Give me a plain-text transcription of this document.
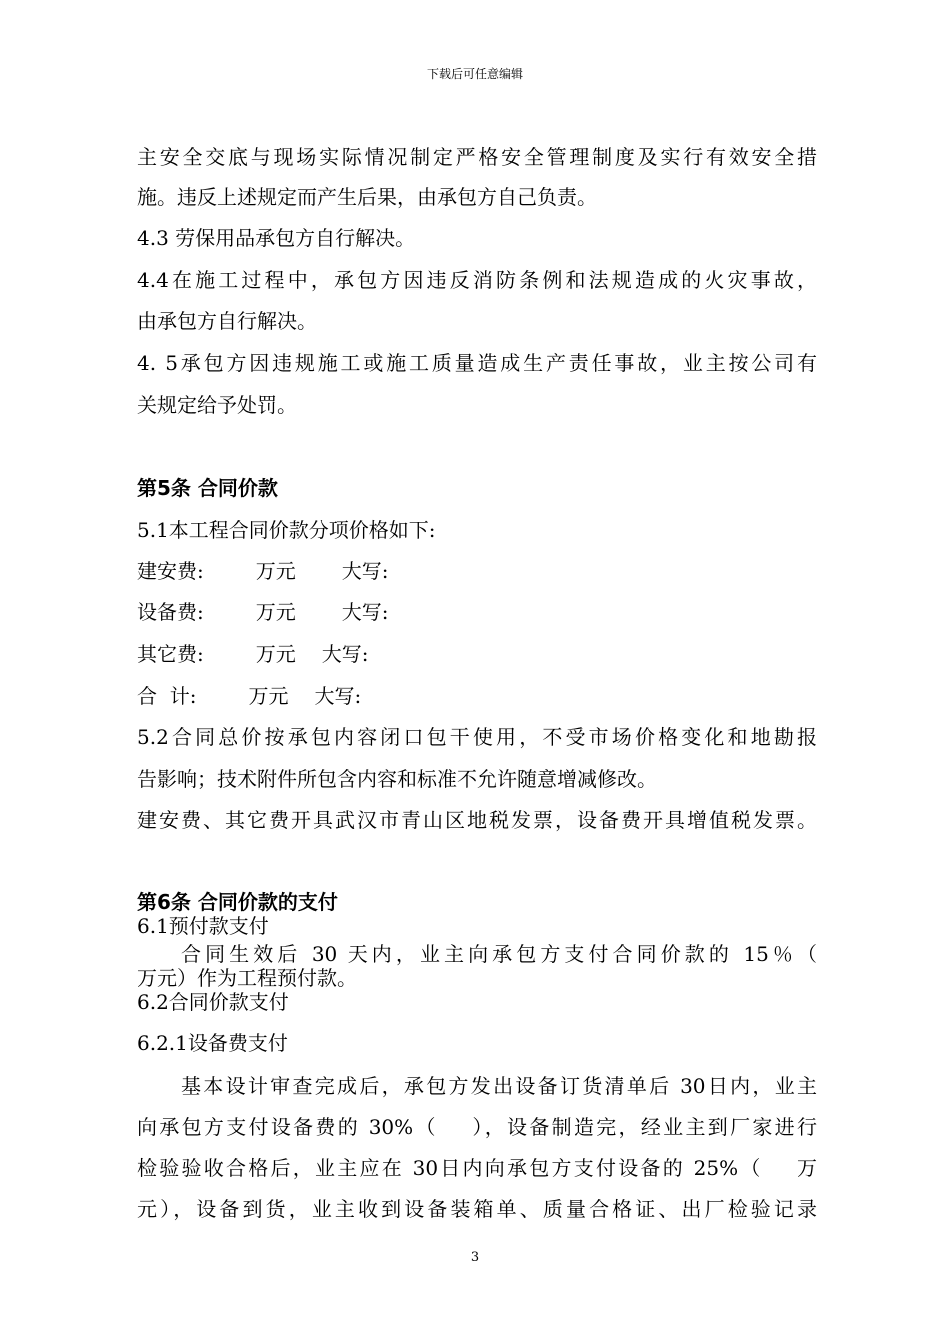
下载后可任意编辑
主安全交底与现场实际情况制定严格安全管理制度及实行有效安全措
施。违反上述规定而产生后果，由承包方自己负责。
4.3 劳保用品承包方自行解决。
4.4在施工过程中，承包方因违反消防条例和法规造成的火灾事故，
由承包方自行解决。
4. 5承包方因违规施工或施工质量造成生产责任事故，业主按公司有
关规定给予处罚。
第5条 合同价款
5.1本工程合同价款分项价格如下:
建安费:	万元 大写:
设备费:	万元 大写:
其它费:	万元 大写:
合  计:	万元 大写:
5.2合同总价按承包内容闭口包干使用，不受市场价格变化和地勘报
告影响；技术附件所包含内容和标准不允许随意增减修改。
建安费、其它费开具武汉市青山区地税发票，设备费开具增值税发票。
第6条 合同价款的支付
6.1预付款支付
合同生效后 30 天内，业主向承包方支付合同价款的 15％（
万元）作为工程预付款。
6.2合同价款支付
6.2.1设备费支付
基本设计审查完成后，承包方发出设备订货清单后 30日内，业主
向承包方支付设备费的 30%（    ），设备制造完，经业主到厂家进行
检验验收合格后，业主应在 30日内向承包方支付设备的 25%（    万
元），设备到货，业主收到设备装箱单、质量合格证、出厂检验记录
3
